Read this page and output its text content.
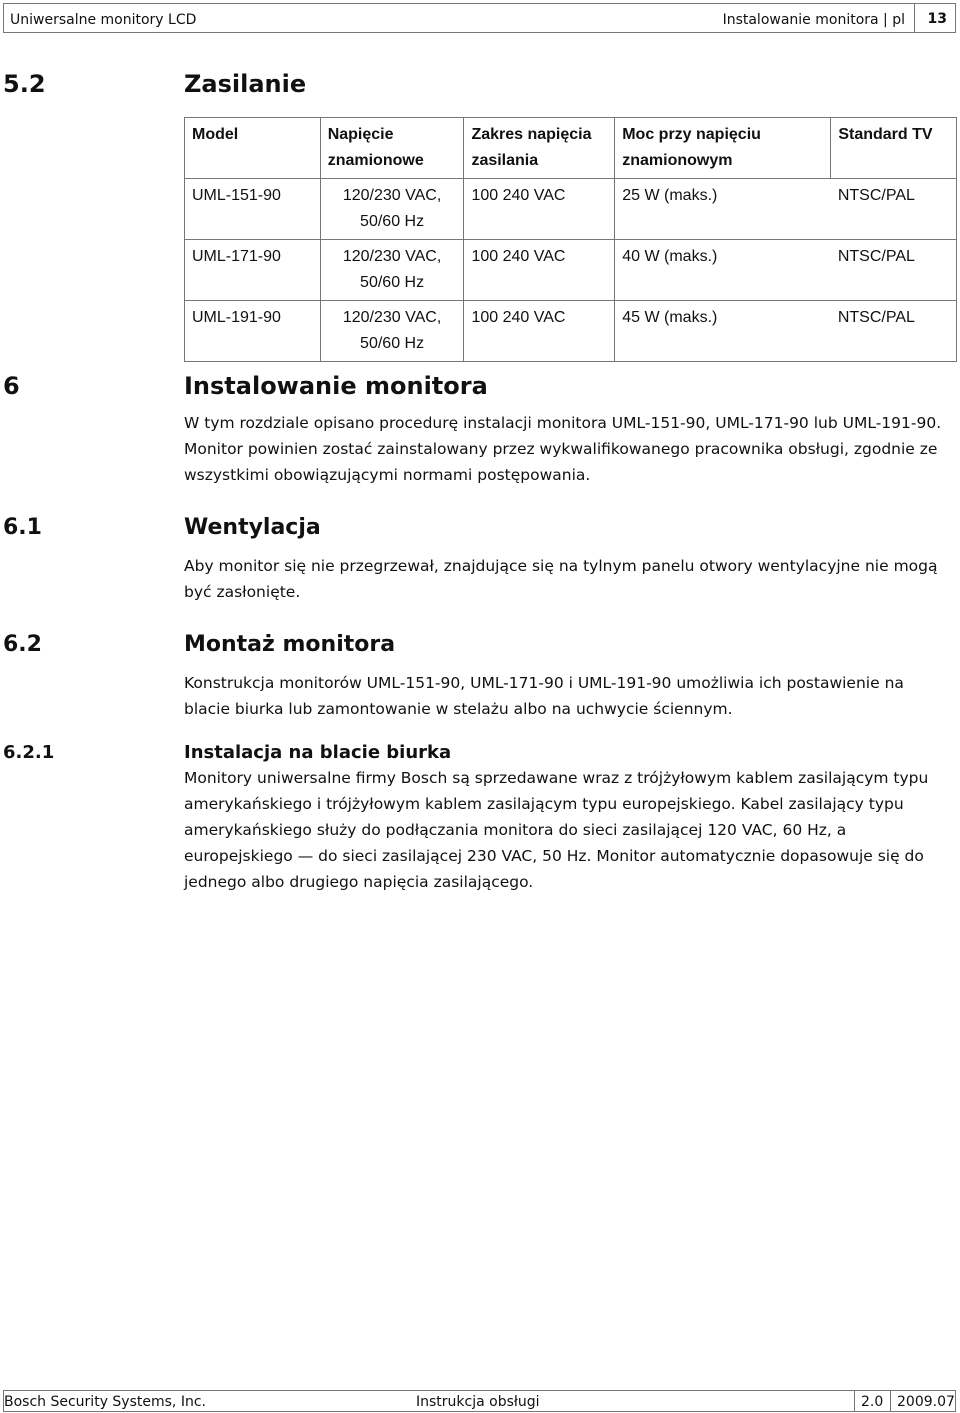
Uniwersalne monitory LCD	Instalowanie monitora | pl 13
5.2	Zasilanie
Model	Napięcie znamionowe	Zakres napięcia zasilania	Moc przy napięciu znamionowym	Standard TV
UML-151-90	120/230 VAC, 50/60 Hz	100 240 VAC	25 W (maks.)	NTSC/PAL
UML-171-90	120/230 VAC, 50/60 Hz	100 240 VAC	40 W (maks.)	NTSC/PAL
UML-191-90	120/230 VAC, 50/60 Hz	100 240 VAC	45 W (maks.)	NTSC/PAL
6	Instalowanie monitora
W tym rozdziale opisano procedurę instalacji monitora UML-151-90, UML-171-90 lub UML-191-90. Monitor powinien zostać zainstalowany przez wykwalifikowanego pracownika obsługi, zgodnie ze wszystkimi obowiązującymi normami postępowania.
6.1	Wentylacja
Aby monitor się nie przegrzewał, znajdujące się na tylnym panelu otwory wentylacyjne nie mogą być zasłonięte.
6.2	Montaż monitora
Konstrukcja monitorów UML-151-90, UML-171-90 i UML-191-90 umożliwia ich postawienie na blacie biurka lub zamontowanie w stelażu albo na uchwycie ściennym.
6.2.1	Instalacja na blacie biurka
Monitory uniwersalne firmy Bosch są sprzedawane wraz z trójżyłowym kablem zasilającym typu amerykańskiego i trójżyłowym kablem zasilającym typu europejskiego. Kabel zasilający typu amerykańskiego służy do podłączania monitora do sieci zasilającej 120 VAC, 60 Hz, a europejskiego — do sieci zasilającej 230 VAC, 50 Hz. Monitor automatycznie dopasowuje się do jednego albo drugiego napięcia zasilającego.
Bosch Security Systems, Inc.	Instrukcja obsługi	2.0 2009.07
